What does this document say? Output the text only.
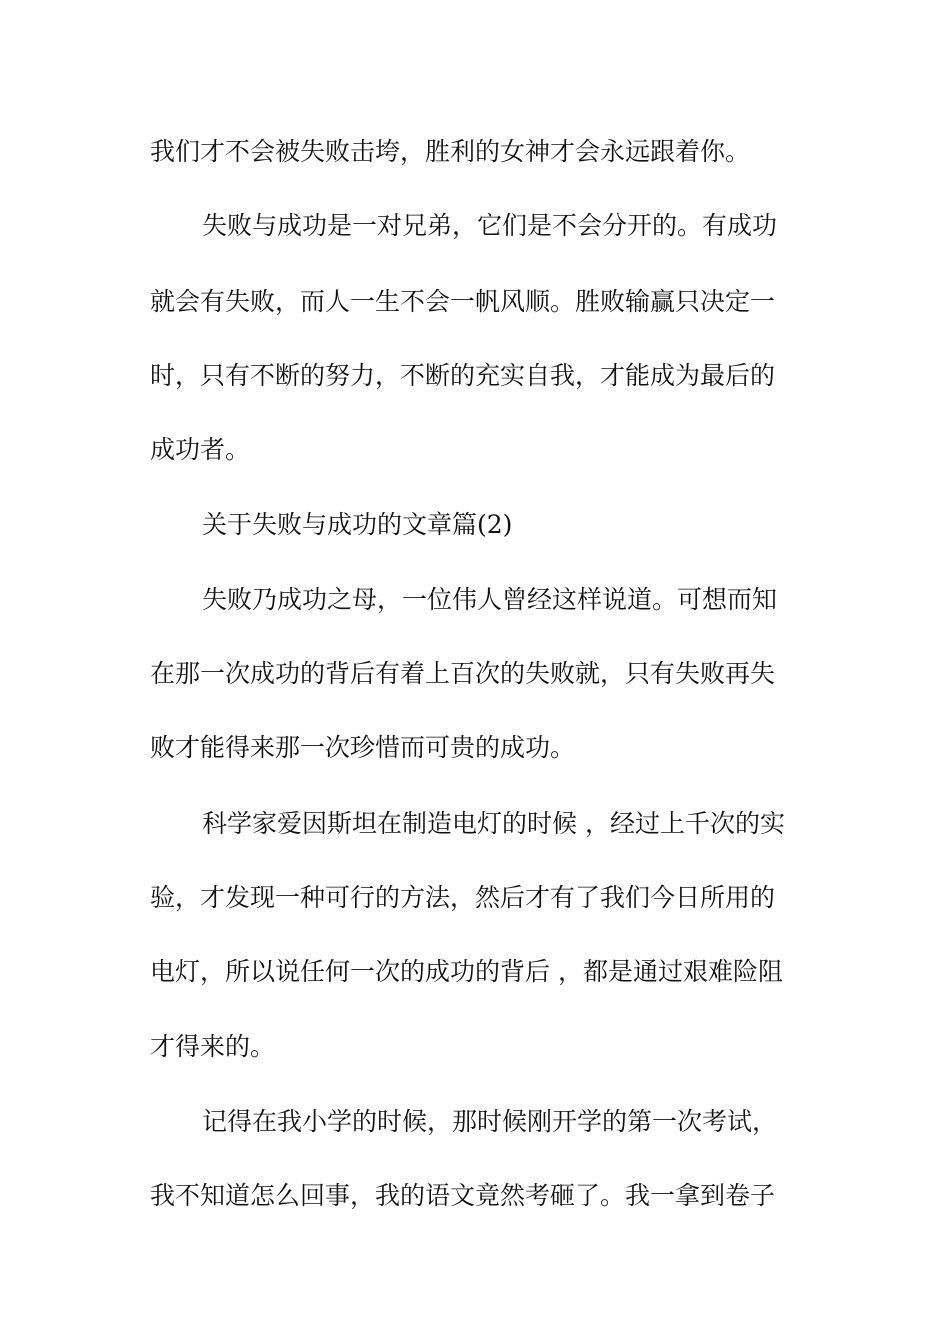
我们才不会被失败击垮，胜利的女神才会永远跟着你。

失败与成功是一对兄弟，它们是不会分开的。有成功

就会有失败，而人一生不会一帆风顺。胜败输赢只决定一

时，只有不断的努力，不断的充实自我，才能成为最后的

成功者。

关于失败与成功的文章篇(2)

失败乃成功之母，一位伟人曾经这样说道。可想而知

在那一次成功的背后有着上百次的失败就，只有失败再失

败才能得来那一次珍惜而可贵的成功。

科学家爱因斯坦在制造电灯的时候 ，经过上千次的实

验，才发现一种可行的方法，然后才有了我们今日所用的

电灯，所以说任何一次的成功的背后 ，都是通过艰难险阻

才得来的。

记得在我小学的时候，那时候刚开学的第一次考试，

我不知道怎么回事，我的语文竟然考砸了。我一拿到卷子
